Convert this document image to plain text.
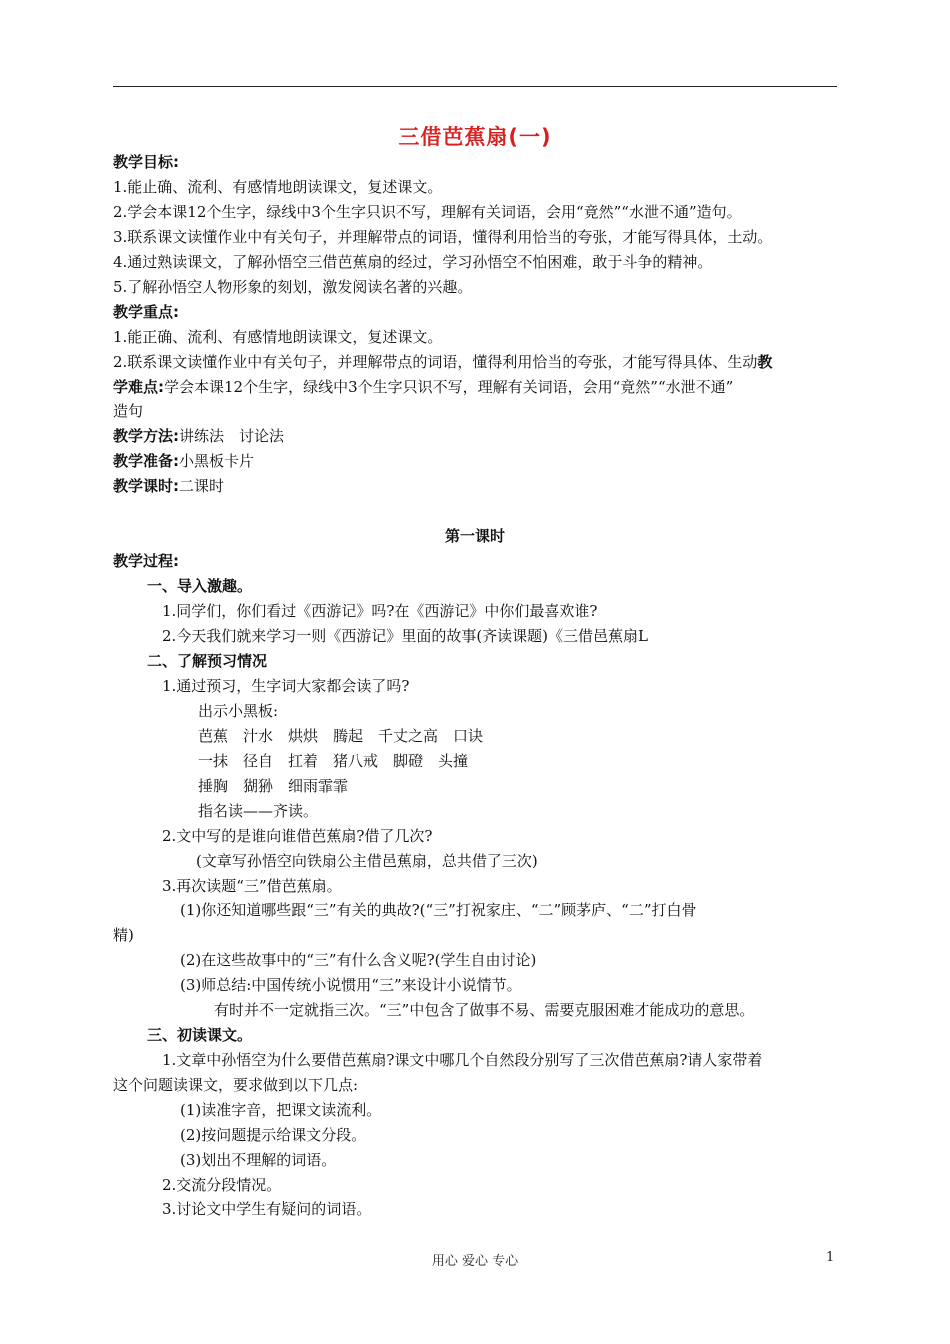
三借芭蕉扇(一)
教学目标:
1.能止确、流利、有感情地朗读课文，复述课文。
2.学会本课12个生字，绿线中3个生字只识不写，理解有关词语，会用“竟然”“水泄不通”造句。
3.联系课文读懂作业中有关句子，并理解带点的词语，懂得利用恰当的夸张，才能写得具体，土动。
4.通过熟读课文，了解孙悟空三借芭蕉扇的经过，学习孙悟空不怕困难，敢于斗争的精神。
5.了解孙悟空人物形象的刻划，激发阅读名著的兴趣。
教学重点:
1.能正确、流利、有感情地朗读课文，复述课文。
2.联系课文读懂作业中有关句子，并理解带点的词语，懂得利用恰当的夸张，才能写得具体、生动教
学难点:学会本课12个生字，绿线中3个生字只识不写，理解有关词语，会用“竟然”“水泄不通”
造句
教学方法:讲练法　讨论法
教学准备:小黑板卡片
教学课时:二课时
第一课时
教学过程:
一、导入激趣。
1.同学们，你们看过《西游记》吗?在《西游记》中你们最喜欢谁?
2.今天我们就来学习一则《西游记》里面的故事(齐读课题)《三借邑蕉扇L
二、了解预习情况
1.通过预习，生字词大家都会读了吗?
出示小黑板:
芭蕉　汁水　烘烘　腾起　千丈之高　口诀
一抹　径自　扛着　猪八戒　脚磴　头撞
捶胸　猢狲　细雨霏霏
指名读——齐读。
2.文中写的是谁向谁借芭蕉扇?借了几次?
(文章写孙悟空向铁扇公主借邑蕉扇，总共借了三次)
3.再次读题“三”借芭蕉扇。
(1)你还知道哪些跟“三”有关的典故?(“三”打祝家庄、“二”顾茅庐、“二”打白骨
精)
(2)在这些故事中的“三”有什么含义呢?(学生自由讨论)
(3)师总结:中国传统小说惯用“三”来设计小说情节。
有时并不一定就指三次。“三”中包含了做事不易、需要克服困难才能成功的意思。
三、初读课文。
1.文章中孙悟空为什么要借芭蕉扇?课文中哪几个自然段分别写了三次借芭蕉扇?请人家带着
这个问题读课文，要求做到以下几点:
(1)读准字音，把课文读流利。
(2)按问题提示给课文分段。
(3)划出不理解的词语。
2.交流分段情况。
3.讨论文中学生有疑问的词语。
用心 爱心 专心	1
